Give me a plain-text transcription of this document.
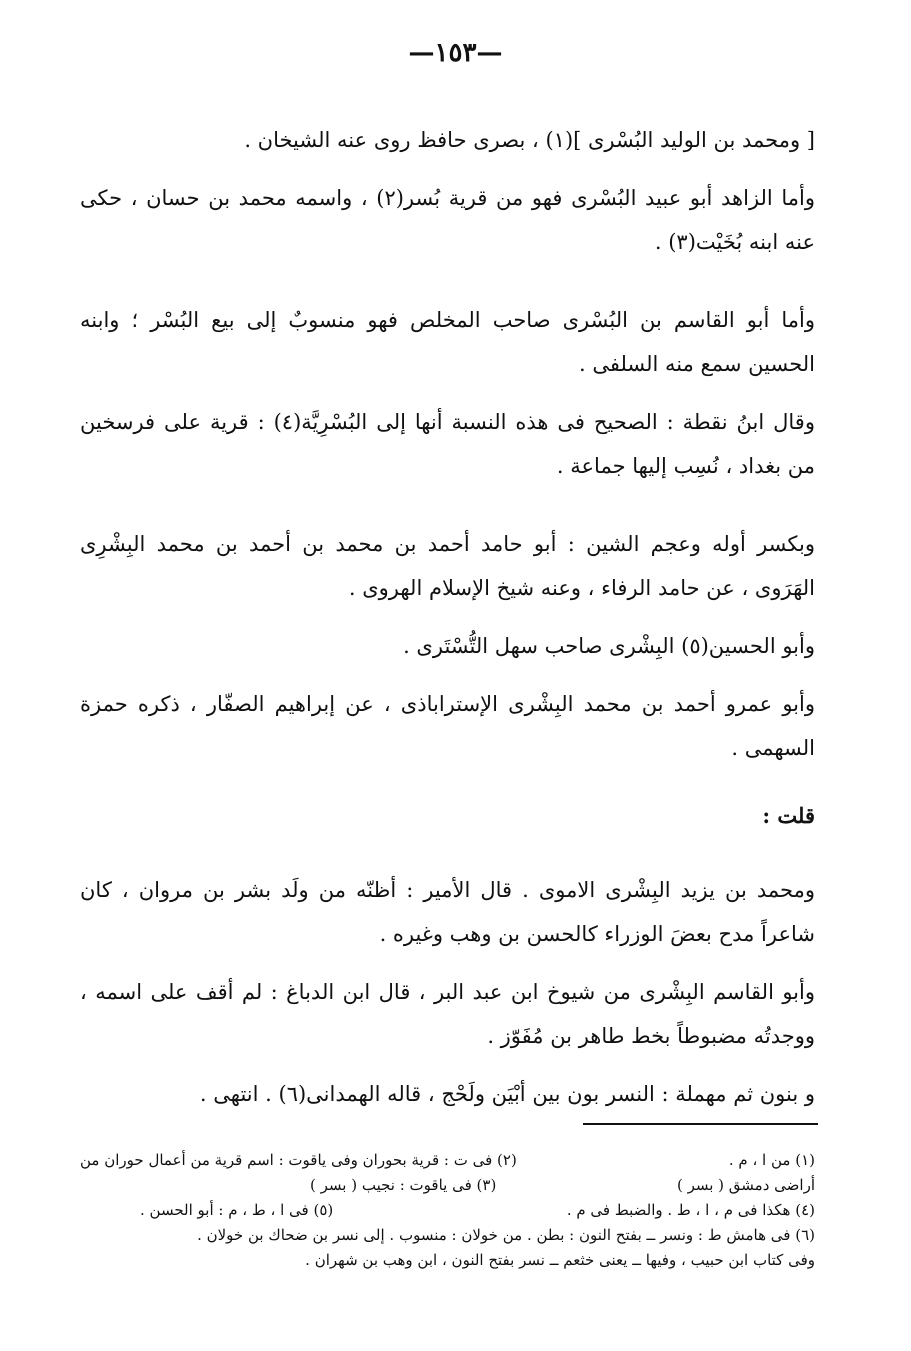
—١٥٣—

[ ومحمد بن الوليد البُسْرى ](١) ، بصرى حافظ روى عنه الشيخان .

وأما الزاهد أبو عبيد البُسْرى فهو من قرية بُسر(٢) ، واسمه محمد بن حسان ، حكى عنه ابنه بُخَيْت(٣) .

وأما أبو القاسم بن البُسْرى صاحب المخلص فهو منسوبٌ إلى بيع البُسْر ؛ وابنه الحسين سمع منه السلفى .

وقال ابنُ نقطة : الصحيح فى هذه النسبة أنها إلى البُسْرِيَّة(٤) : قرية على فرسخين من بغداد ، نُسِب إليها جماعة .

وبكسر أوله وعجم الشين : أبو حامد أحمد بن محمد بن أحمد بن محمد البِشْرِى الهَرَوى ، عن حامد الرفاء ، وعنه شيخ الإسلام الهروى .

وأبو الحسين(٥) البِشْرى صاحب سهل التُّسْتَرى .

وأبو عمرو أحمد بن محمد البِشْرى الإستراباذى ، عن إبراهيم الصفّار ، ذكره حمزة السهمى .

قلت :

ومحمد بن يزيد البِشْرى الاموى . قال الأمير : أظنّه من ولَد بشر بن مروان ، كان شاعراً مدح بعضَ الوزراء كالحسن بن وهب وغيره .

وأبو القاسم البِشْرى من شيوخ ابن عبد البر ، قال ابن الدباغ : لم أقف على اسمه ، ووجدتُه مضبوطاً بخط طاهر بن مُفَوّز .

و بنون ثم مهملة : النسر بون بين أبْيَن ولَحْج ، قاله الهمدانى(٦) . انتهى .

(١) من ا ، م .
(٢) فى ت : قرية بحوران وفى ياقوت : اسم قرية من أعمال حوران من
أراضى دمشق ( بسر )
(٣) فى ياقوت : نجيب ( بسر )
(٤) هكذا فى م ، ا ، ط . والضبط فى م .
(٥) فى ا ، ط ، م : أبو الحسن .
(٦) فى هامش ط : ونسر ــ بفتح النون : بطن . من خولان : منسوب . إلى نسر بن ضحاك بن خولان .
وفى كتاب ابن حبيب ، وفيها ــ يعنى خثعم ــ نسر بفتح النون ، ابن وهب بن شهران .
